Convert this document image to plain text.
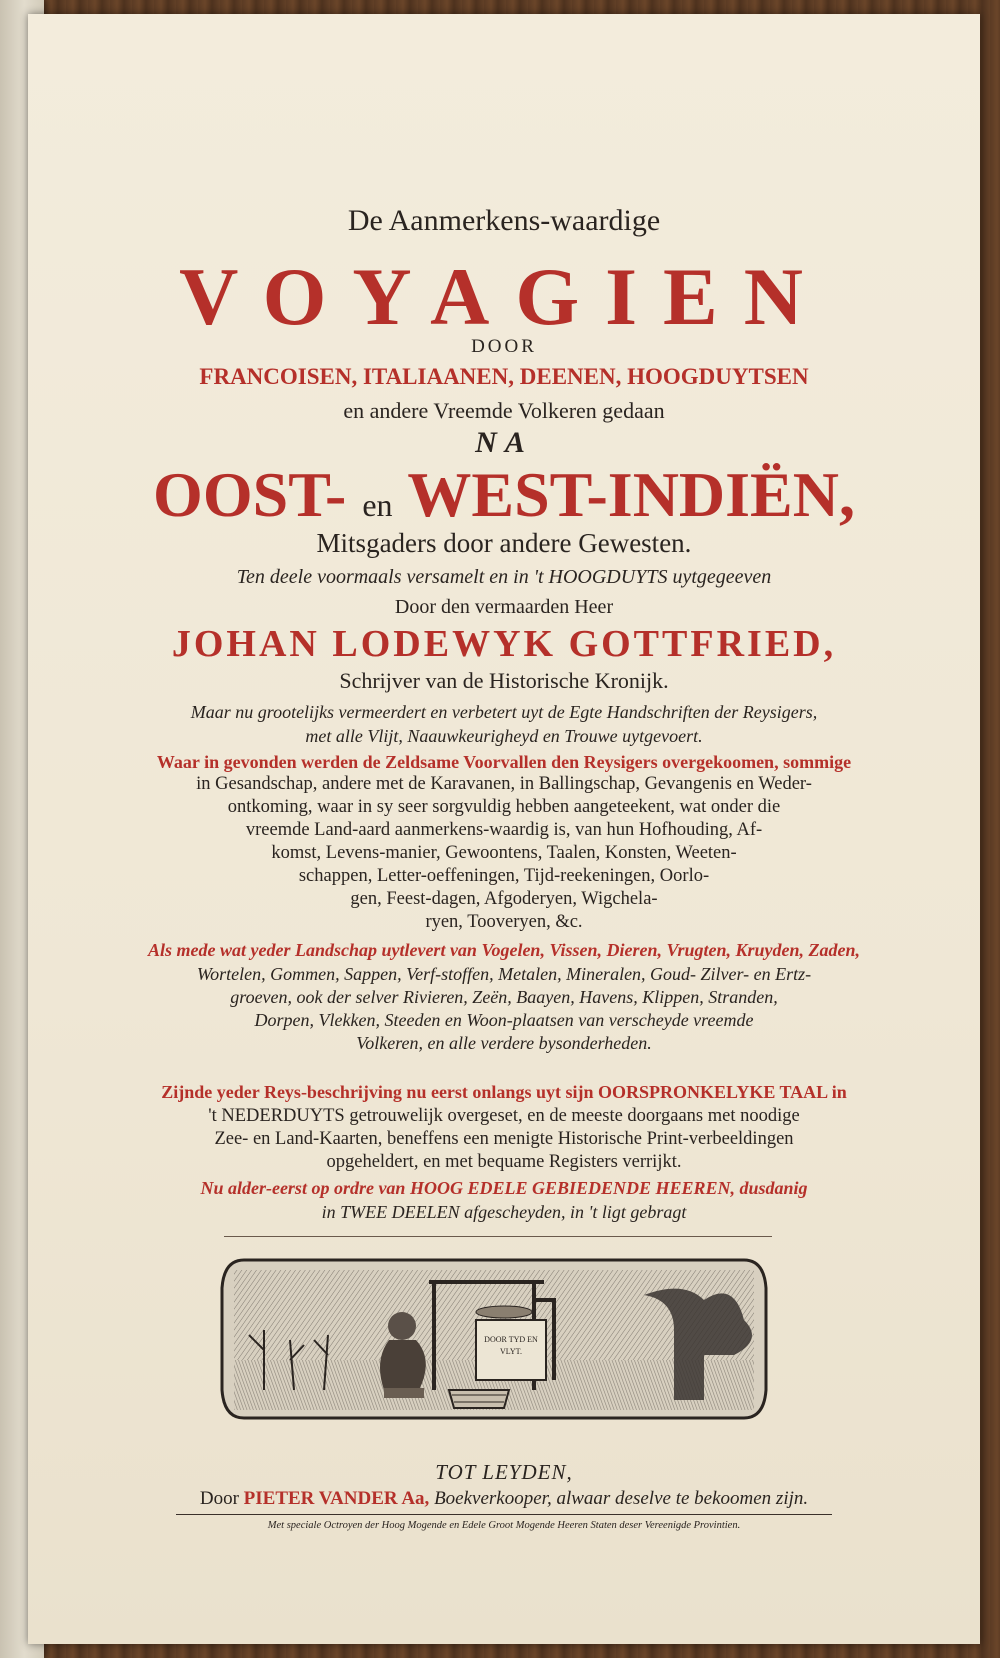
De Aanmerkens-waardige
VOYAGIEN
DOOR
FRANCOISEN, ITALIAANEN, DEENEN, HOOGDUYTSEN
en andere Vreemde Volkeren gedaan
NA
OOST- en WEST-INDIËN,
Mitsgaders door andere Gewesten.
Ten deele voormaals versamelt en in 't HOOGDUYTS uytgegeeven
Door den vermaarden Heer
JOHAN LODEWYK GOTTFRIED,
Schrijver van de Historische Kronijk.
Maar nu grootelijks vermeerdert en verbetert uyt de Egte Handschriften der Reysigers,
met alle Vlijt, Naauwkeurigheyd en Trouwe uytgevoert.
Waar in gevonden werden de Zeldsame Voorvallen den Reysigers overgekoomen, sommige
in Gesandschap, andere met de Karavanen, in Ballingschap, Gevangenis en Weder-
ontkoming, waar in sy seer sorgvuldig hebben aangeteekent, wat onder die
vreemde Land-aard aanmerkens-waardig is, van hun Hofhouding, Af-
komst, Levens-manier, Gewoontens, Taalen, Konsten, Weeten-
schappen, Letter-oeffeningen, Tijd-reekeningen, Oorlo-
gen, Feest-dagen, Afgoderyen, Wigchela-
ryen, Tooveryen, &c.
Als mede wat yeder Landschap uytlevert van Vogelen, Vissen, Dieren, Vrugten, Kruyden, Zaden,
Wortelen, Gommen, Sappen, Verf-stoffen, Metalen, Mineralen, Goud- Zilver- en Ertz-
groeven, ook der selver Rivieren, Zeën, Baayen, Havens, Klippen, Stranden,
Dorpen, Vlekken, Steeden en Woon-plaatsen van verscheyde vreemde
Volkeren, en alle verdere bysonderheden.
Zijnde yeder Reys-beschrijving nu eerst onlangs uyt sijn OORSPRONKELYKE TAAL in
't NEDERDUYTS getrouwelijk overgeset, en de meeste doorgaans met noodige
Zee- en Land-Kaarten, beneffens een menigte Historische Print-verbeeldingen
opgeheldert, en met bequame Registers verrijkt.
Nu alder-eerst op ordre van HOOG EDELE GEBIEDENDE HEEREN, dusdanig
in TWEE DEELEN afgescheyden, in 't ligt gebragt
DOOR TYD EN
VLYT.
TOT LEYDEN,
Door PIETER VANDER Aa, Boekverkooper, alwaar deselve te bekoomen zijn.
Met speciale Octroyen der Hoog Mogende en Edele Groot Mogende Heeren Staten deser Vereenigde Provintien.
